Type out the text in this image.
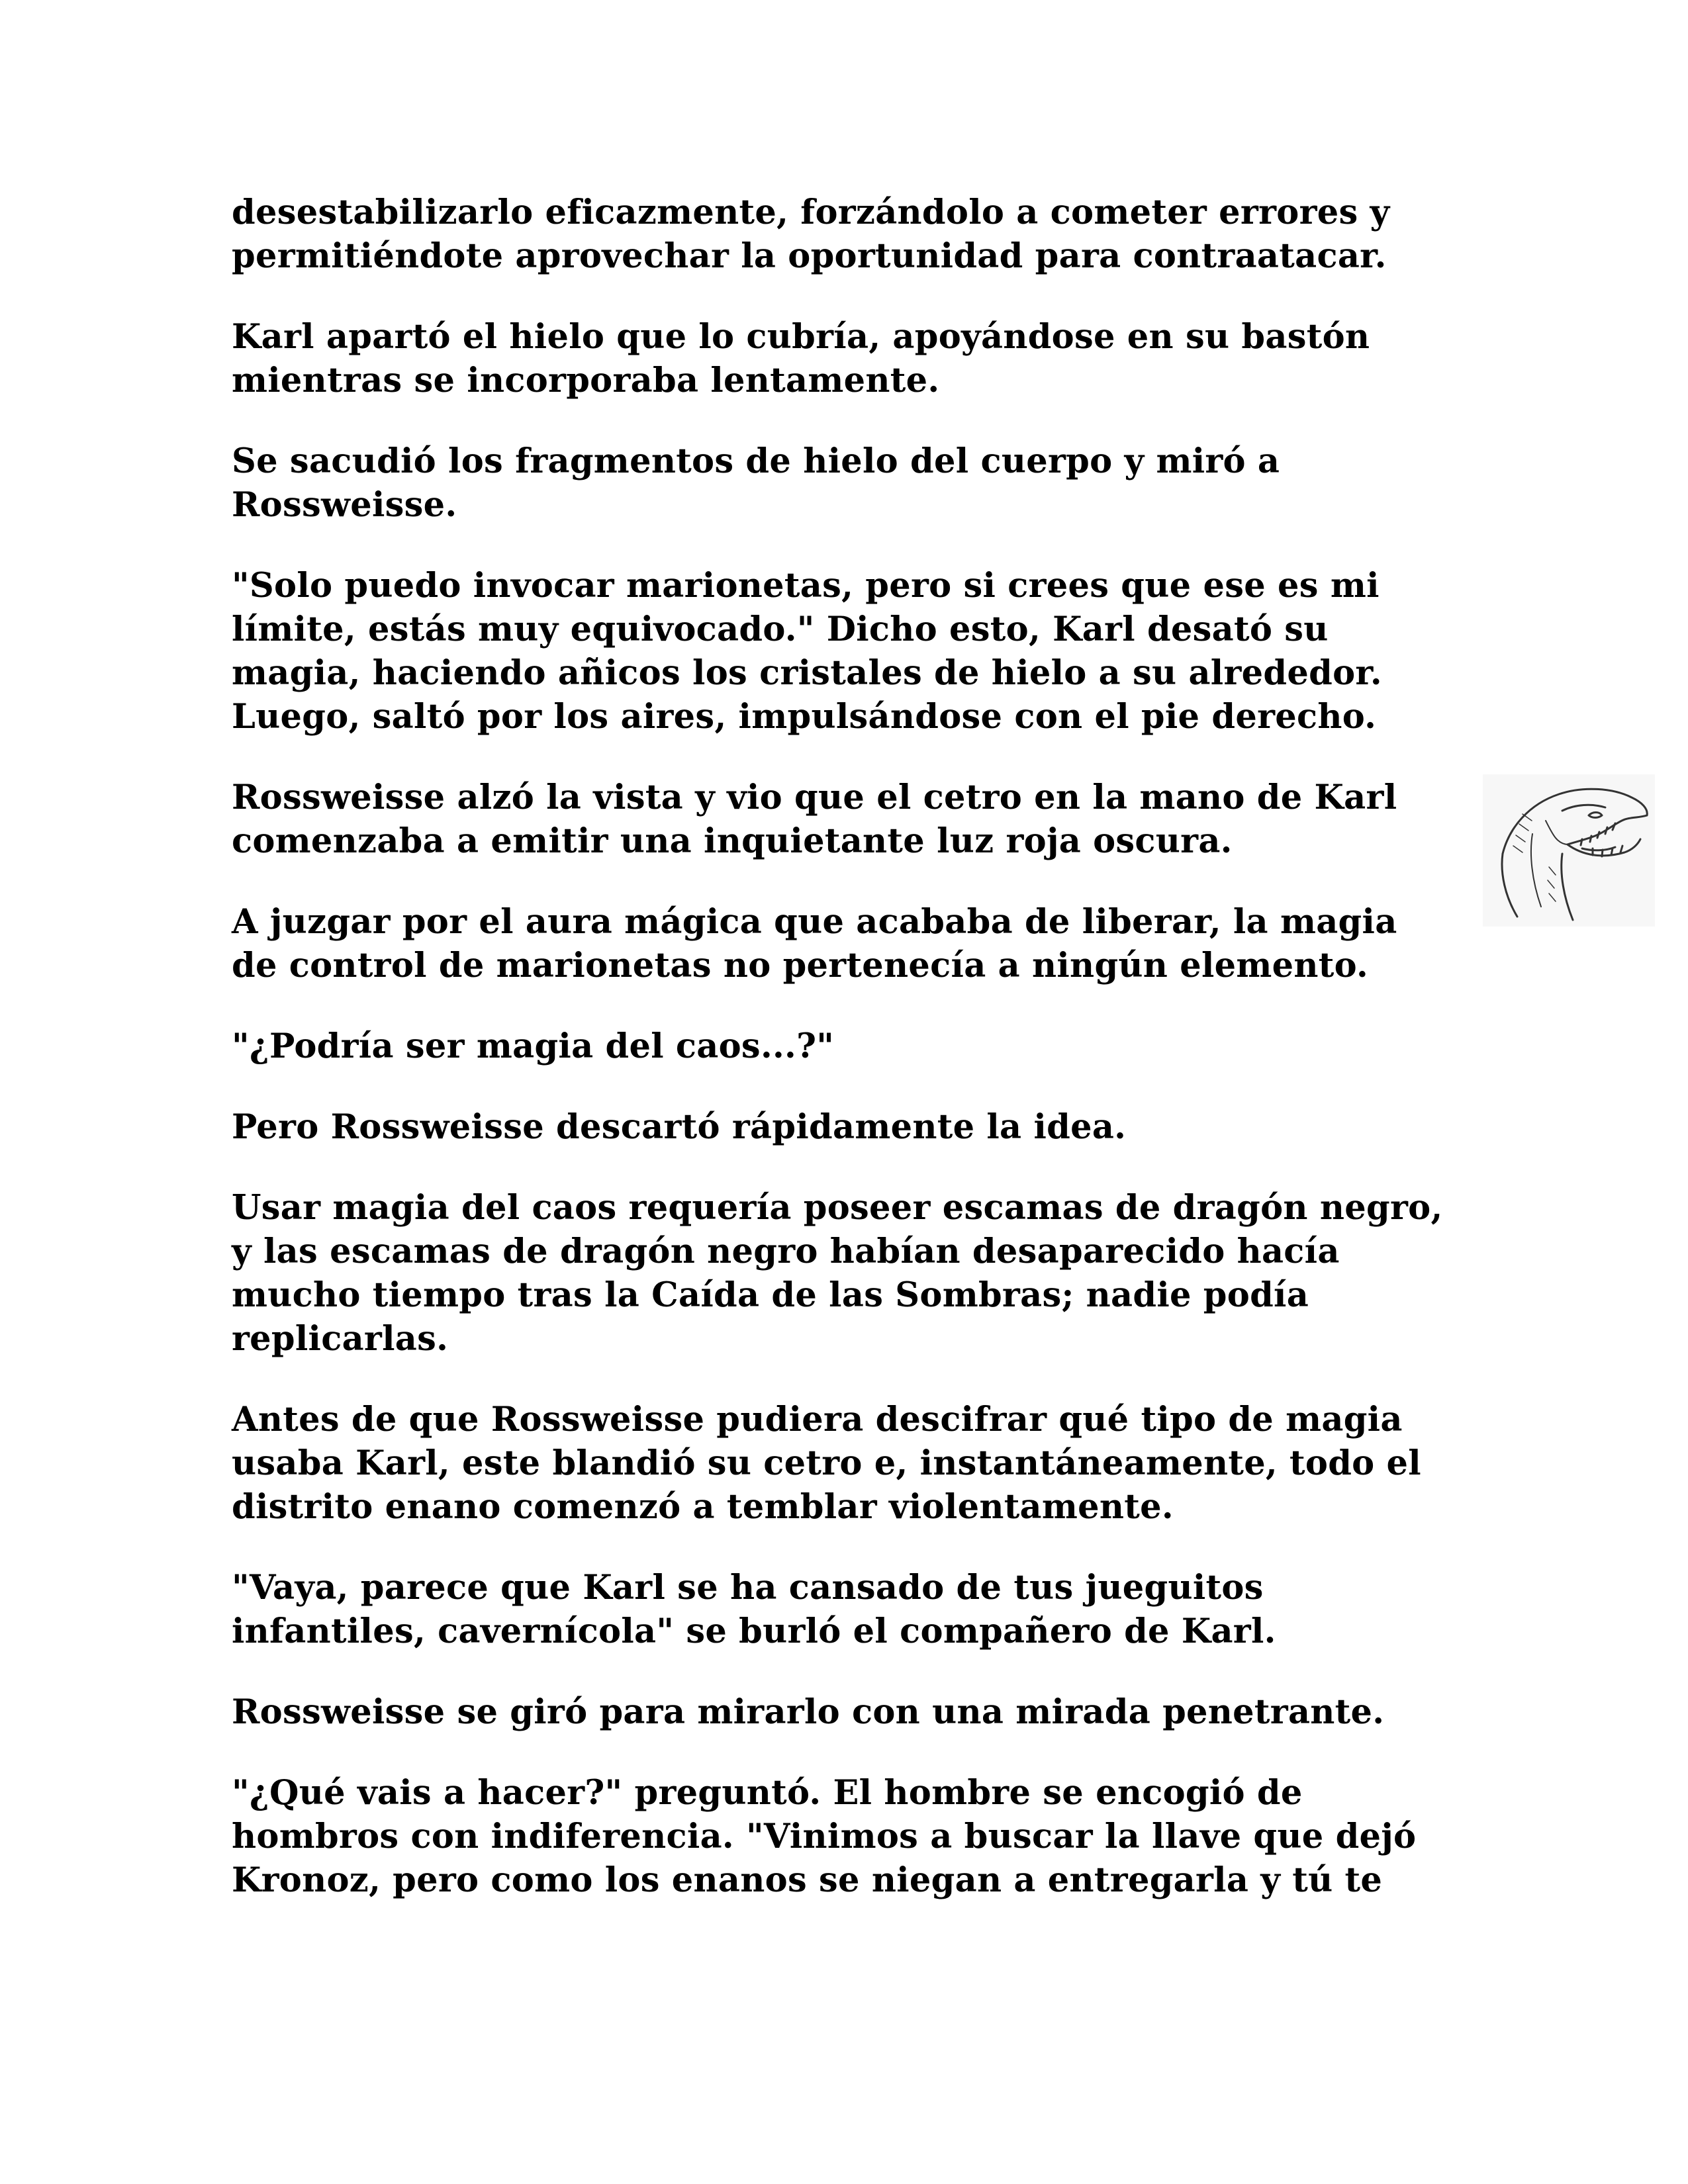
desestabilizarlo eficazmente, forzándolo a cometer errores y
permitiéndote aprovechar la oportunidad para contraatacar.

Karl apartó el hielo que lo cubría, apoyándose en su bastón
mientras se incorporaba lentamente.

Se sacudió los fragmentos de hielo del cuerpo y miró a
Rossweisse.

"Solo puedo invocar marionetas, pero si crees que ese es mi
límite, estás muy equivocado." Dicho esto, Karl desató su
magia, haciendo añicos los cristales de hielo a su alrededor.
Luego, saltó por los aires, impulsándose con el pie derecho.

Rossweisse alzó la vista y vio que el cetro en la mano de Karl
comenzaba a emitir una inquietante luz roja oscura.

A juzgar por el aura mágica que acababa de liberar, la magia
de control de marionetas no pertenecía a ningún elemento.

"¿Podría ser magia del caos...?"

Pero Rossweisse descartó rápidamente la idea.

Usar magia del caos requería poseer escamas de dragón negro,
y las escamas de dragón negro habían desaparecido hacía
mucho tiempo tras la Caída de las Sombras; nadie podía
replicarlas.

Antes de que Rossweisse pudiera descifrar qué tipo de magia
usaba Karl, este blandió su cetro e, instantáneamente, todo el
distrito enano comenzó a temblar violentamente.

"Vaya, parece que Karl se ha cansado de tus jueguitos
infantiles, cavernícola" se burló el compañero de Karl.

Rossweisse se giró para mirarlo con una mirada penetrante.

"¿Qué vais a hacer?" preguntó. El hombre se encogió de
hombros con indiferencia. "Vinimos a buscar la llave que dejó
Kronoz, pero como los enanos se niegan a entregarla y tú te
